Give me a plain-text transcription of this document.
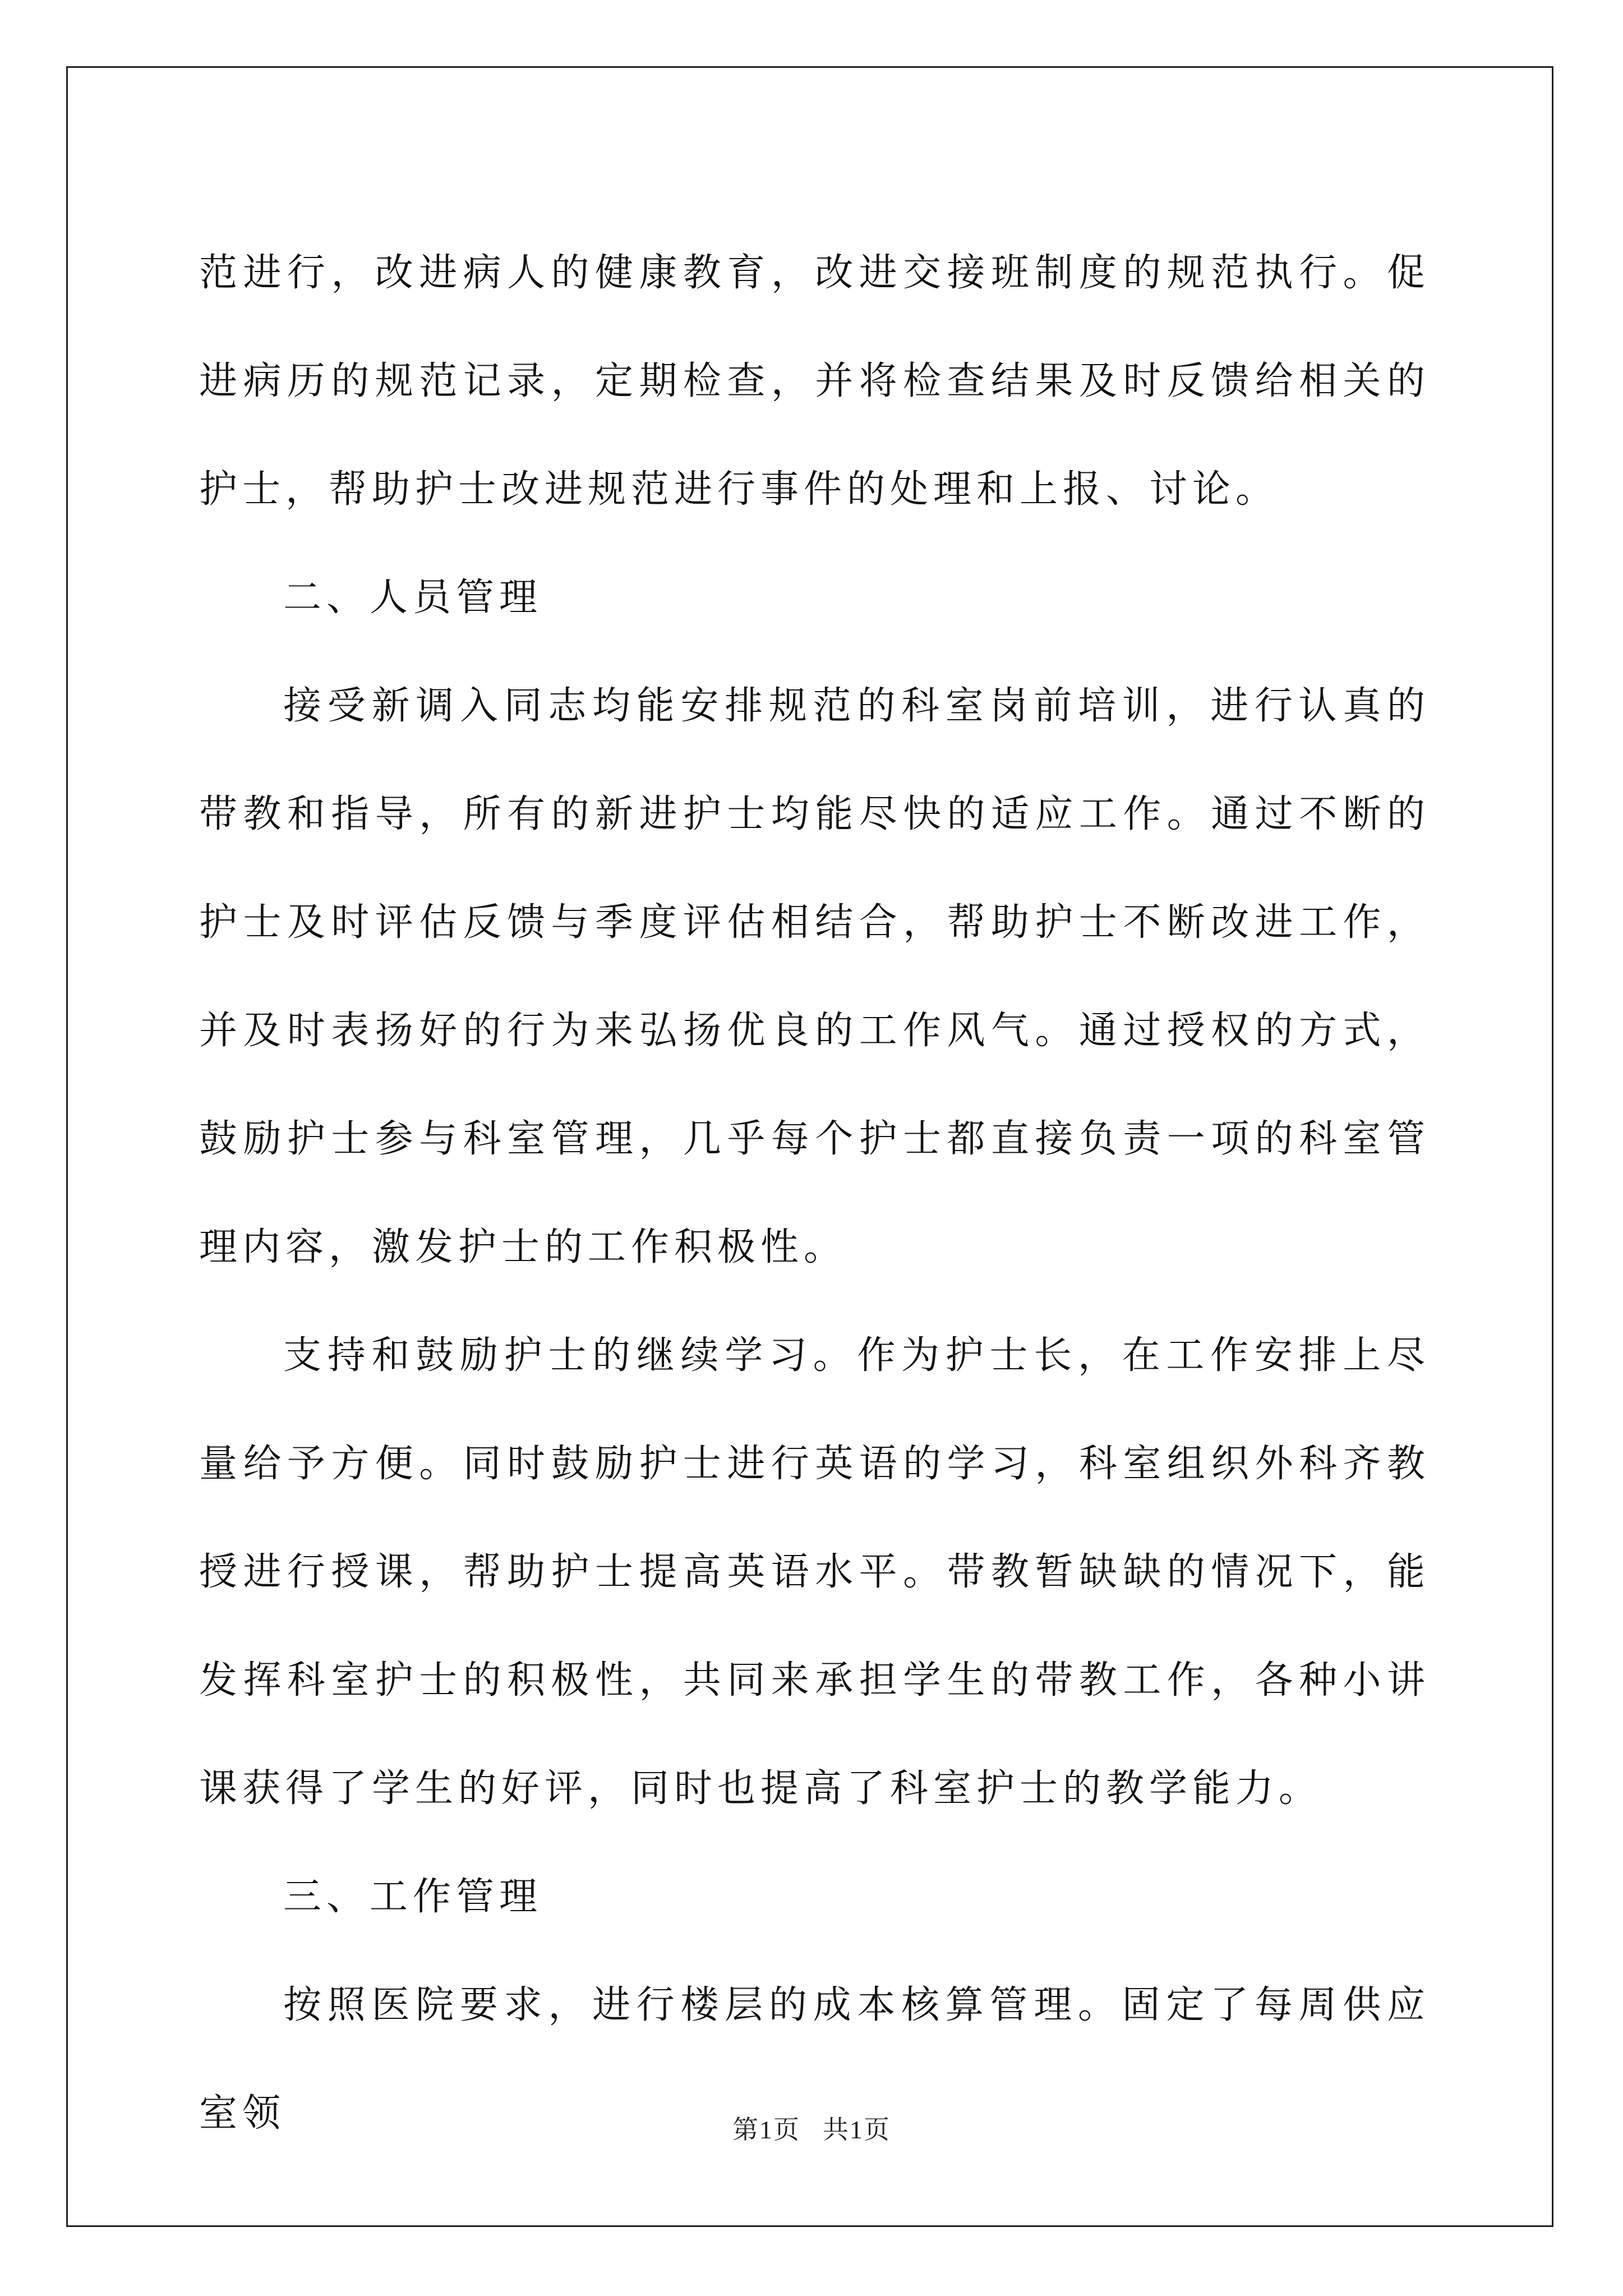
范进行，改进病人的健康教育，改进交接班制度的规范执行。促进病历的规范记录，定期检查，并将检查结果及时反馈给相关的护士，帮助护士改进规范进行事件的处理和上报、讨论。

二、人员管理

接受新调入同志均能安排规范的科室岗前培训，进行认真的带教和指导，所有的新进护士均能尽快的适应工作。通过不断的护士及时评估反馈与季度评估相结合，帮助护士不断改进工作，并及时表扬好的行为来弘扬优良的工作风气。通过授权的方式，鼓励护士参与科室管理，几乎每个护士都直接负责一项的科室管理内容，激发护士的工作积极性。

支持和鼓励护士的继续学习。作为护士长，在工作安排上尽量给予方便。同时鼓励护士进行英语的学习，科室组织外科齐教授进行授课，帮助护士提高英语水平。带教暂缺缺的情况下，能发挥科室护士的积极性，共同来承担学生的带教工作，各种小讲课获得了学生的好评，同时也提高了科室护士的教学能力。

三、工作管理

按照医院要求，进行楼层的成本核算管理。固定了每周供应室领	第1页 共1页
